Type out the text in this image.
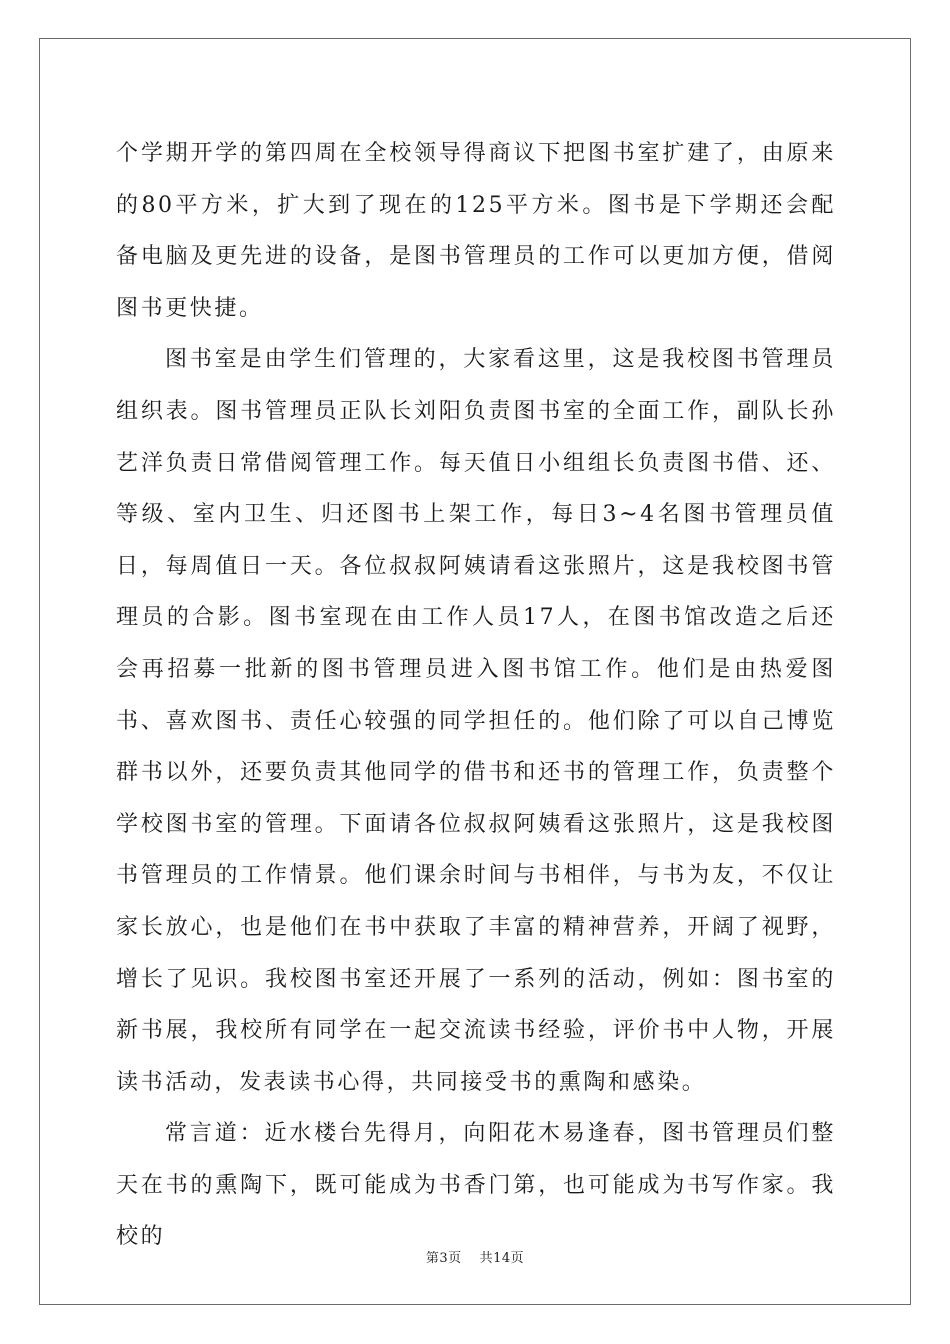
个学期开学的第四周在全校领导得商议下把图书室扩建了，由原来的80平方米，扩大到了现在的125平方米。图书是下学期还会配备电脑及更先进的设备，是图书管理员的工作可以更加方便，借阅图书更快捷。

图书室是由学生们管理的，大家看这里，这是我校图书管理员组织表。图书管理员正队长刘阳负责图书室的全面工作，副队长孙艺洋负责日常借阅管理工作。每天值日小组组长负责图书借、还、等级、室内卫生、归还图书上架工作，每日3~4名图书管理员值日，每周值日一天。各位叔叔阿姨请看这张照片，这是我校图书管理员的合影。图书室现在由工作人员17人，在图书馆改造之后还会再招募一批新的图书管理员进入图书馆工作。他们是由热爱图书、喜欢图书、责任心较强的同学担任的。他们除了可以自己博览群书以外，还要负责其他同学的借书和还书的管理工作，负责整个学校图书室的管理。下面请各位叔叔阿姨看这张照片，这是我校图书管理员的工作情景。他们课余时间与书相伴，与书为友，不仅让家长放心，也是他们在书中获取了丰富的精神营养，开阔了视野，增长了见识。我校图书室还开展了一系列的活动，例如：图书室的新书展，我校所有同学在一起交流读书经验，评价书中人物，开展读书活动，发表读书心得，共同接受书的熏陶和感染。

常言道：近水楼台先得月，向阳花木易逢春，图书管理员们整天在书的熏陶下，既可能成为书香门第，也可能成为书写作家。我校的

第3页 共14页
